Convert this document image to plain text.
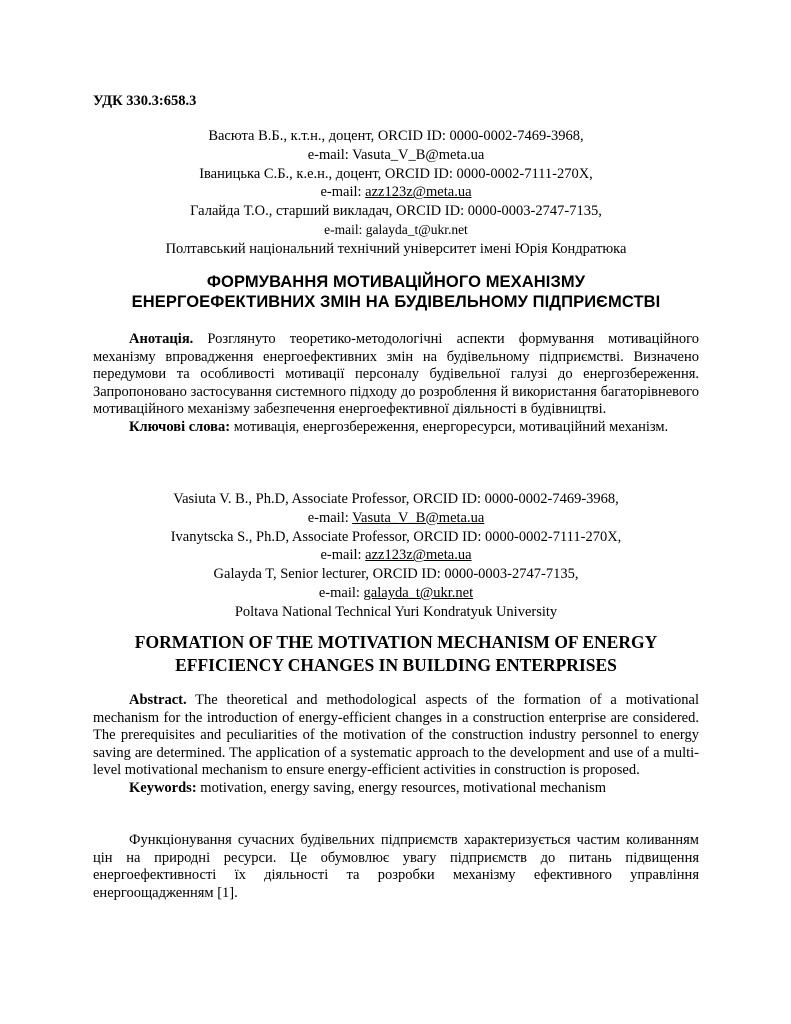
УДК 330.3:658.3
Васюта В.Б., к.т.н., доцент, ORCID ID: 0000-0002-7469-3968,
e-mail: Vasuta_V_B@meta.ua
Іваницька С.Б., к.е.н., доцент, ORCID ID: 0000-0002-7111-270Х,
e-mail: azz123z@meta.ua
Галайда Т.О., старший викладач, ORCID ID: 0000-0003-2747-7135,
e-mail: galayda_t@ukr.net
Полтавський національний технічний університет імені Юрія Кондратюка
ФОРМУВАННЯ МОТИВАЦІЙНОГО МЕХАНІЗМУ
ЕНЕРГОЕФЕКТИВНИХ ЗМІН НА БУДІВЕЛЬНОМУ ПІДПРИЄМСТВІ
Анотація. Розглянуто теоретико-методологічні аспекти формування мотиваційного механізму впровадження енергоефективних змін на будівельному підприємстві. Визначено передумови та особливості мотивації персоналу будівельної галузі до енергозбереження. Запропоновано застосування системного підходу до розроблення й використання багаторівневого мотиваційного механізму забезпечення енергоефективної діяльності в будівництві.
Ключові слова: мотивація, енергозбереження, енергоресурси, мотиваційний механізм.
Vasiuta V. B., Ph.D, Associate Professor, ORCID ID: 0000-0002-7469-3968,
e-mail: Vasuta_V_B@meta.ua
Ivanytscka S., Ph.D, Associate Professor, ORCID ID: 0000-0002-7111-270X,
e-mail: azz123z@meta.ua
Galayda T, Senior lecturer, ORCID ID: 0000-0003-2747-7135,
e-mail: galayda_t@ukr.net
Poltava National Technical Yuri Kondratyuk University
FORMATION OF THE MOTIVATION MECHANISM OF ENERGY
EFFICIENCY CHANGES IN BUILDING ENTERPRISES
Abstract. The theoretical and methodological aspects of the formation of a motivational mechanism for the introduction of energy-efficient changes in a construction enterprise are considered. The prerequisites and peculiarities of the motivation of the construction industry personnel to energy saving are determined. The application of a systematic approach to the development and use of a multi-level motivational mechanism to ensure energy-efficient activities in construction is proposed.
Keywords: motivation, energy saving, energy resources, motivational mechanism
Функціонування сучасних будівельних підприємств характеризується частим коливанням цін на природні ресурси. Це обумовлює увагу підприємств до питань підвищення енергоефективності їх діяльності та розробки механізму ефективного управління енергоощадженням [1].
